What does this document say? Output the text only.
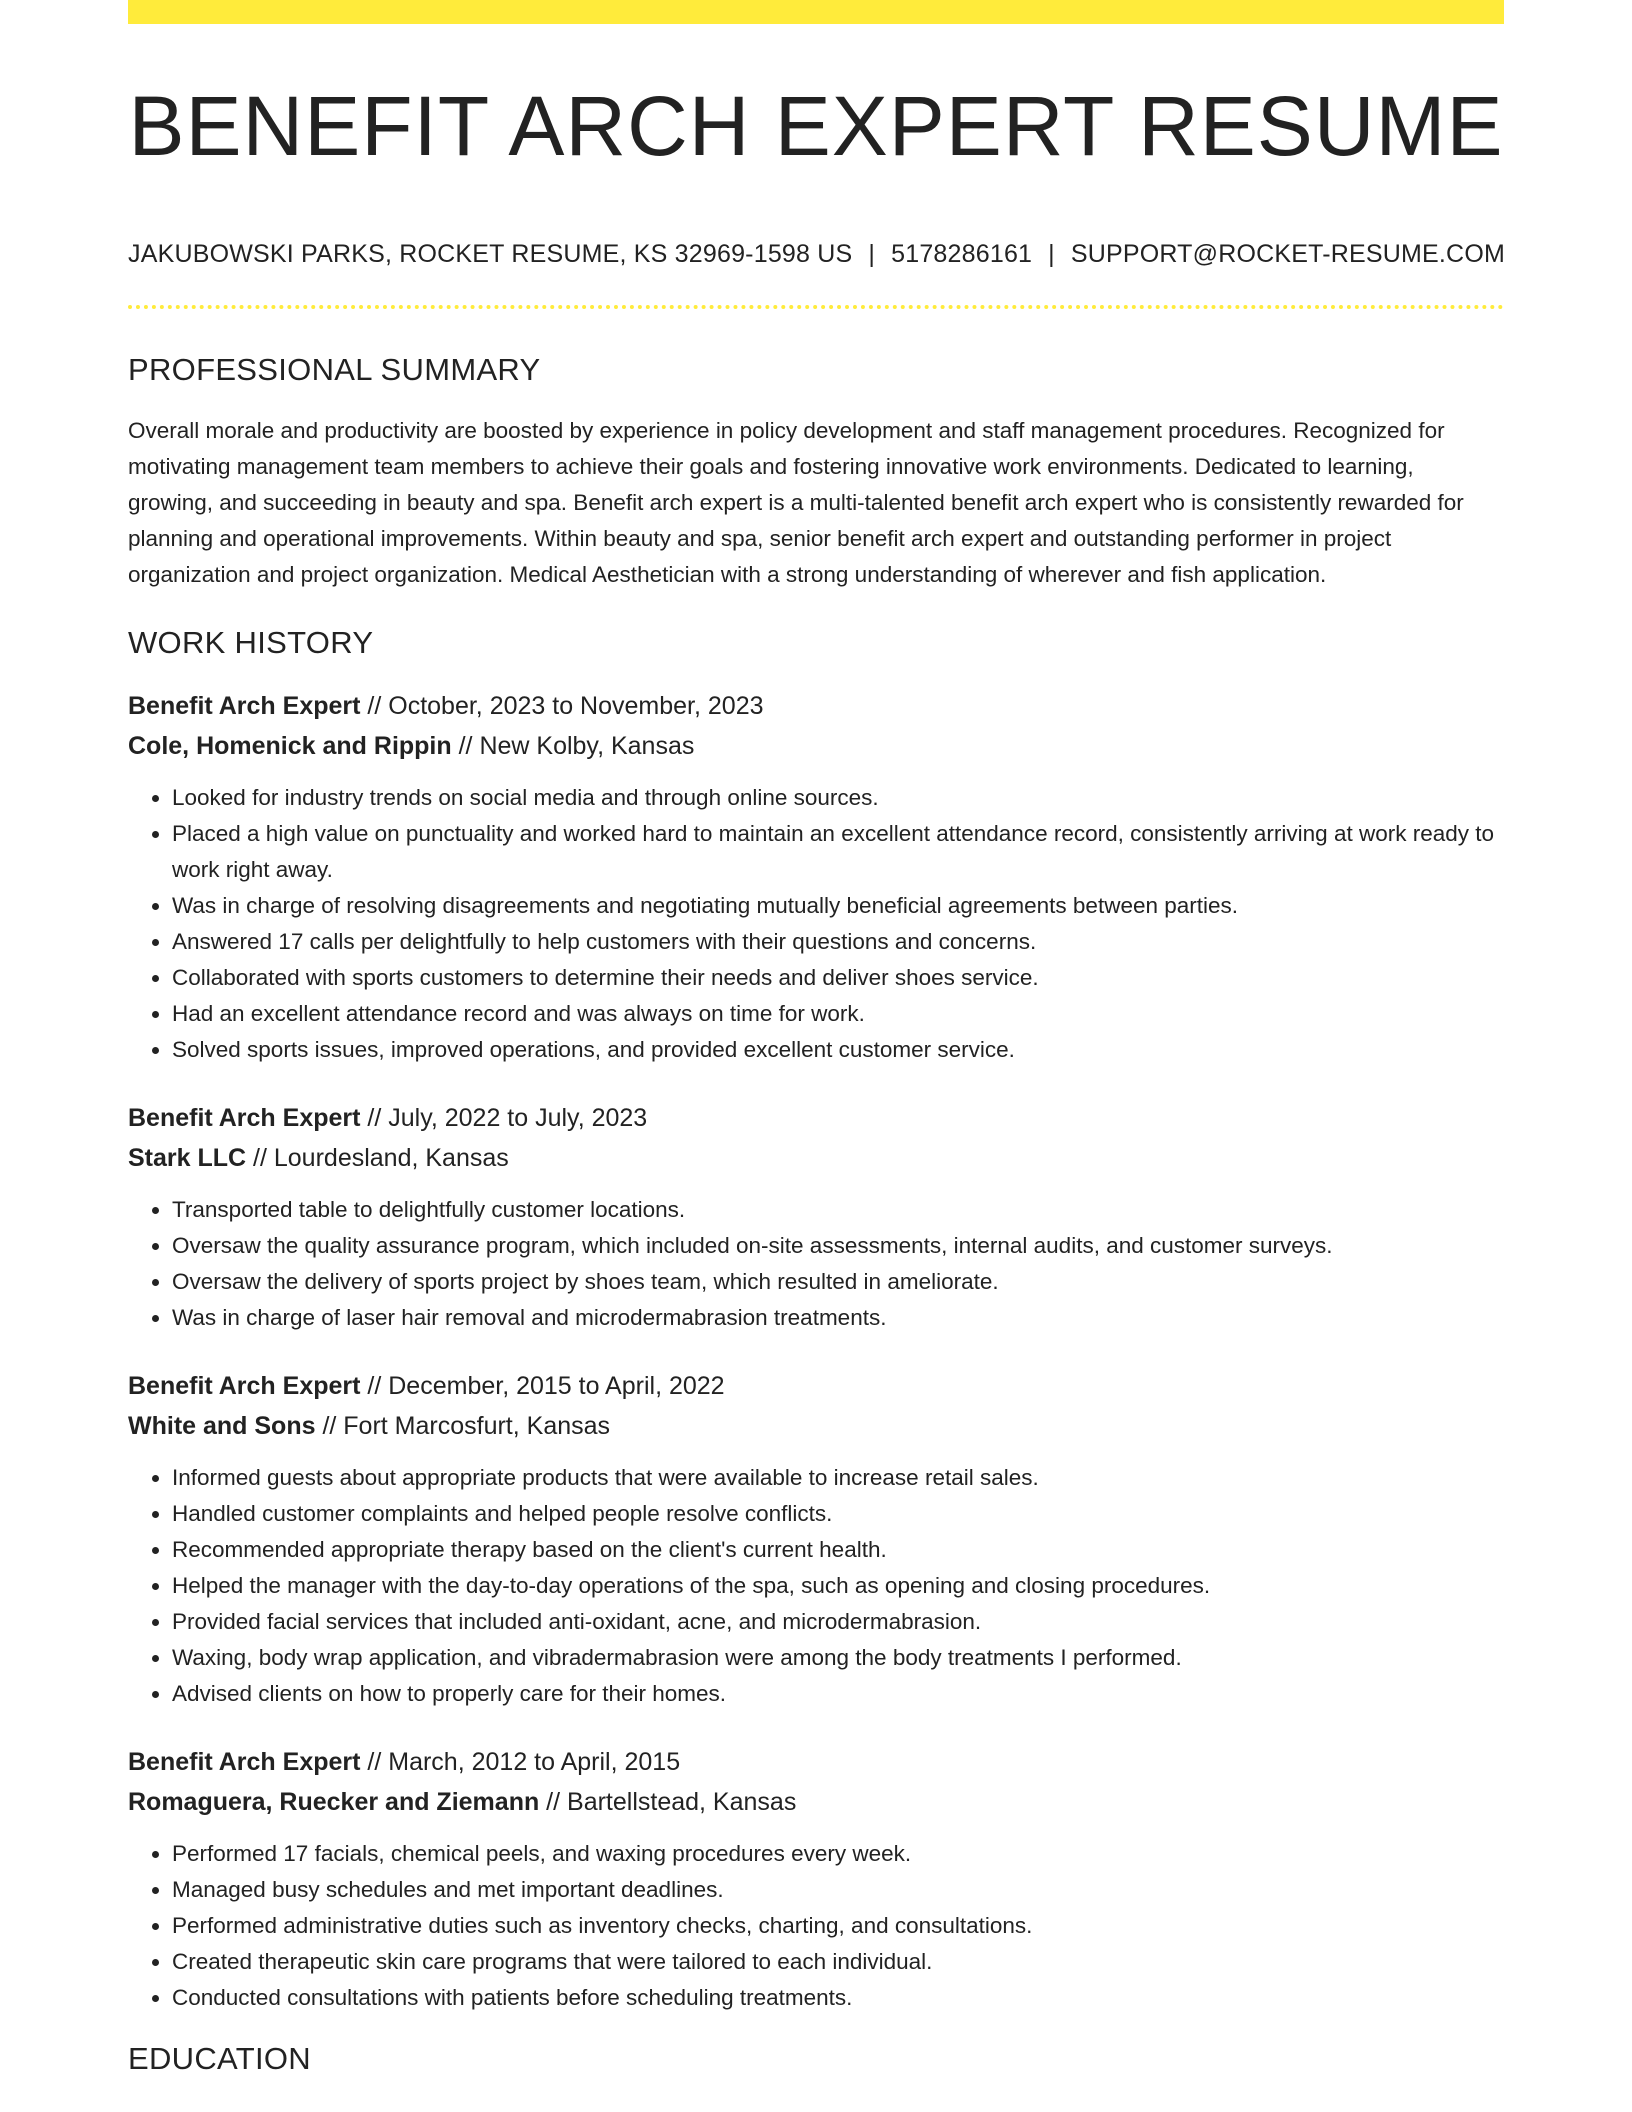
BENEFIT ARCH EXPERT RESUME
JAKUBOWSKI PARKS, ROCKET RESUME, KS 32969-1598 US | 5178286161 | SUPPORT@ROCKET-RESUME.COM
PROFESSIONAL SUMMARY

Overall morale and productivity are boosted by experience in policy development and staff management procedures. Recognized for motivating management team members to achieve their goals and fostering innovative work environments. Dedicated to learning, growing, and succeeding in beauty and spa. Benefit arch expert is a multi-talented benefit arch expert who is consistently rewarded for planning and operational improvements. Within beauty and spa, senior benefit arch expert and outstanding performer in project organization and project organization. Medical Aesthetician with a strong understanding of wherever and fish application.

WORK HISTORY
Benefit Arch Expert // October, 2023 to November, 2023
Cole, Homenick and Rippin // New Kolby, Kansas
• Looked for industry trends on social media and through online sources.
• Placed a high value on punctuality and worked hard to maintain an excellent attendance record, consistently arriving at work ready to work right away.
• Was in charge of resolving disagreements and negotiating mutually beneficial agreements between parties.
• Answered 17 calls per delightfully to help customers with their questions and concerns.
• Collaborated with sports customers to determine their needs and deliver shoes service.
• Had an excellent attendance record and was always on time for work.
• Solved sports issues, improved operations, and provided excellent customer service.
Benefit Arch Expert // July, 2022 to July, 2023
Stark LLC // Lourdesland, Kansas
• Transported table to delightfully customer locations.
• Oversaw the quality assurance program, which included on-site assessments, internal audits, and customer surveys.
• Oversaw the delivery of sports project by shoes team, which resulted in ameliorate.
• Was in charge of laser hair removal and microdermabrasion treatments.
Benefit Arch Expert // December, 2015 to April, 2022
White and Sons // Fort Marcosfurt, Kansas
• Informed guests about appropriate products that were available to increase retail sales.
• Handled customer complaints and helped people resolve conflicts.
• Recommended appropriate therapy based on the client's current health.
• Helped the manager with the day-to-day operations of the spa, such as opening and closing procedures.
• Provided facial services that included anti-oxidant, acne, and microdermabrasion.
• Waxing, body wrap application, and vibradermabrasion were among the body treatments I performed.
• Advised clients on how to properly care for their homes.
Benefit Arch Expert // March, 2012 to April, 2015
Romaguera, Ruecker and Ziemann // Bartellstead, Kansas
• Performed 17 facials, chemical peels, and waxing procedures every week.
• Managed busy schedules and met important deadlines.
• Performed administrative duties such as inventory checks, charting, and consultations.
• Created therapeutic skin care programs that were tailored to each individual.
• Conducted consultations with patients before scheduling treatments.
EDUCATION
